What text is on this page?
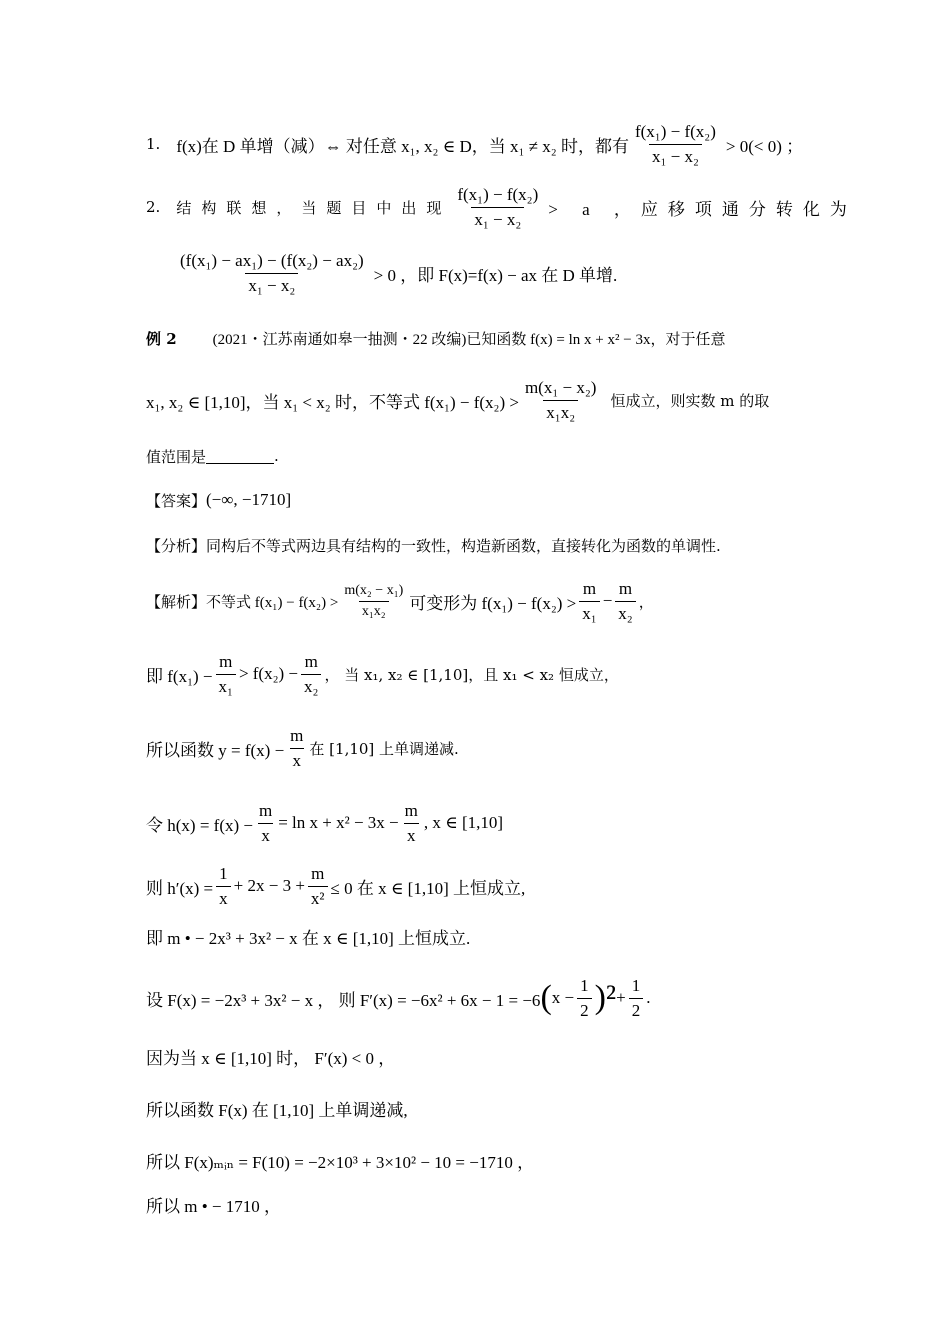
1. f(x)在 D 单增（减）⇔ 对任意 x₁, x₂ ∈ D，当 x₁ ≠ x₂ 时，都有 $\frac{\text{f(x₁) − f(x₂)}}{\text{x₁ − x₂}} > 0(< 0)$ ；
2. 结构联想，当题目中出现 $\frac{\text{f(x₁) − f(x₂)}}{\text{x₁ − x₂}} > a$ ，应移项通分转化为
$\frac{\text{(f(x₁) − ax₁) − (f(x₂) − ax₂)}}{\text{x₁ − x₂}} > 0$ ，即 F(x)=f(x) − ax 在 D 单增.
例 2 (2021・江苏南通如皋一抽测・22 改编)已知函数 f(x) = ln x + x² − 3x，对于任意
x₁, x₂ ∈ [1,10]，当 x₁ < x₂ 时，不等式 $f(x_1) - f(x_2) > \frac{\text{m(x₁ − x₂)}}{\text{x₁x₂}}$ 恒成立，则实数 m 的取
值范围是	.
【答案】 (−∞, −1710]
【分析】 同构后不等式两边具有结构的一致性，构造新函数，直接转化为函数的单调性.
【解析】 不等式 $f(x_1) - f(x_2) > \frac{\text{m(x₂ − x₁)}}{\text{x₁x₂}}$ 可变形为 $f(x_1) - f(x_2) > \frac{m}{\text{x₁}} - \frac{m}{\text{x₂}}$ ，
即 $f(x_1) - \frac{m}{\text{x₁}} > f(x_2) - \frac{m}{\text{x₂}}$ ， 当 x₁, x₂ ∈ [1,10]，且 x₁ < x₂ 恒成立，
所以函数 $y = f(x) - \frac{m}{x}$ 在 [1,10] 上单调递减.
令 $h(x) = f(x) - \frac{m}{x} = \ln x + x^2 - 3x - \frac{m}{x}$ , x ∈ [1,10]
则 $h'(x) = \frac{1}{x} + 2x - 3 + \frac{m}{\text{x²}} \le 0$ 在 x ∈ [1,10] 上恒成立,
即 m • − 2x³ + 3x² − x 在 x ∈ [1,10] 上恒成立.
设 F(x) = −2x³ + 3x² − x ， 则 F′(x) = −6x² + 6x − 1 = −6 ( $x - \frac{1}{2} )^2 + \frac{1}{2}$ .
因为当 x ∈ [1,10] 时， F′(x) < 0 ，
所以函数 F(x) 在 [1,10] 上单调递减,
所以 F(x)ₘᵢₙ = F(10) = −2×10³ + 3×10² − 10 = −1710 ，
所以 m • − 1710 ，
